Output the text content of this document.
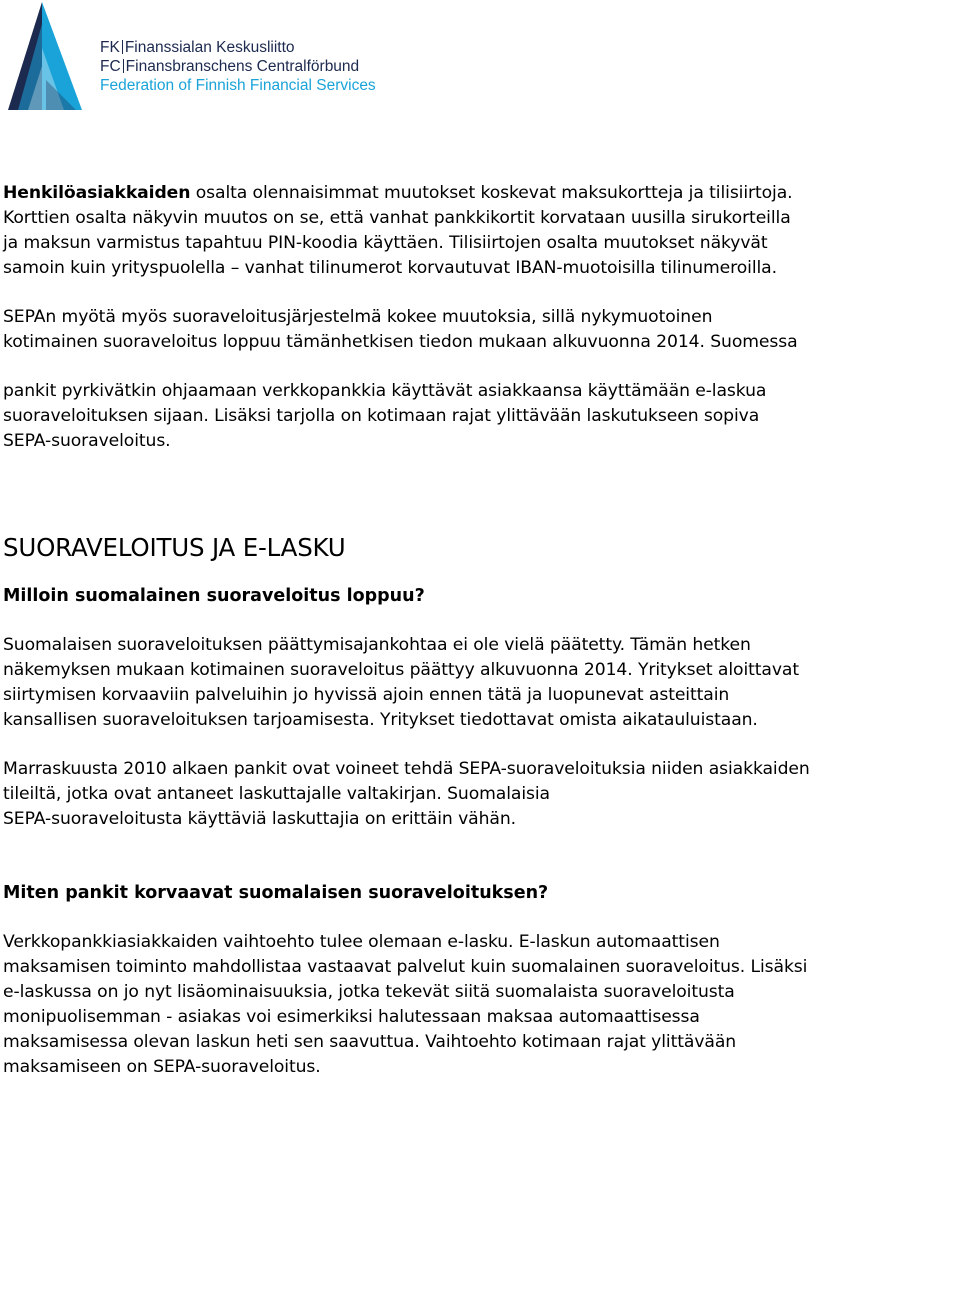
FK Finanssialan Keskusliitto
FC Finansbranschens Centralförbund
Federation of Finnish Financial Services

Henkilöasiakkaiden osalta olennaisimmat muutokset koskevat maksukortteja ja tilisiirtoja.
Korttien osalta näkyvin muutos on se, että vanhat pankkikortit korvataan uusilla sirukorteilla
ja maksun varmistus tapahtuu PIN-koodia käyttäen. Tilisiirtojen osalta muutokset näkyvät
samoin kuin yrityspuolella – vanhat tilinumerot korvautuvat IBAN-muotoisilla tilinumeroilla.

SEPAn myötä myös suoraveloitusjärjestelmä kokee muutoksia, sillä nykymuotoinen
kotimainen suoraveloitus loppuu tämänhetkisen tiedon mukaan alkuvuonna 2014. Suomessa

pankit pyrkivätkin ohjaamaan verkkopankkia käyttävät asiakkaansa käyttämään e-laskua
suoraveloituksen sijaan. Lisäksi tarjolla on kotimaan rajat ylittävään laskutukseen sopiva
SEPA-suoraveloitus.

SUORAVELOITUS JA E-LASKU
Milloin suomalainen suoraveloitus loppuu?

Suomalaisen suoraveloituksen päättymisajankohtaa ei ole vielä päätetty. Tämän hetken
näkemyksen mukaan kotimainen suoraveloitus päättyy alkuvuonna 2014. Yritykset aloittavat
siirtymisen korvaaviin palveluihin jo hyvissä ajoin ennen tätä ja luopunevat asteittain
kansallisen suoraveloituksen tarjoamisesta. Yritykset tiedottavat omista aikatauluistaan.

Marraskuusta 2010 alkaen pankit ovat voineet tehdä SEPA-suoraveloituksia niiden asiakkaiden
tileiltä, jotka ovat antaneet laskuttajalle valtakirjan. Suomalaisia
SEPA-suoraveloitusta käyttäviä laskuttajia on erittäin vähän.

Miten pankit korvaavat suomalaisen suoraveloituksen?

Verkkopankkiasiakkaiden vaihtoehto tulee olemaan e-lasku. E-laskun automaattisen
maksamisen toiminto mahdollistaa vastaavat palvelut kuin suomalainen suoraveloitus. Lisäksi
e-laskussa on jo nyt lisäominaisuuksia, jotka tekevät siitä suomalaista suoraveloitusta
monipuolisemman - asiakas voi esimerkiksi halutessaan maksaa automaattisessa
maksamisessa olevan laskun heti sen saavuttua. Vaihtoehto kotimaan rajat ylittävään
maksamiseen on SEPA-suoraveloitus.
